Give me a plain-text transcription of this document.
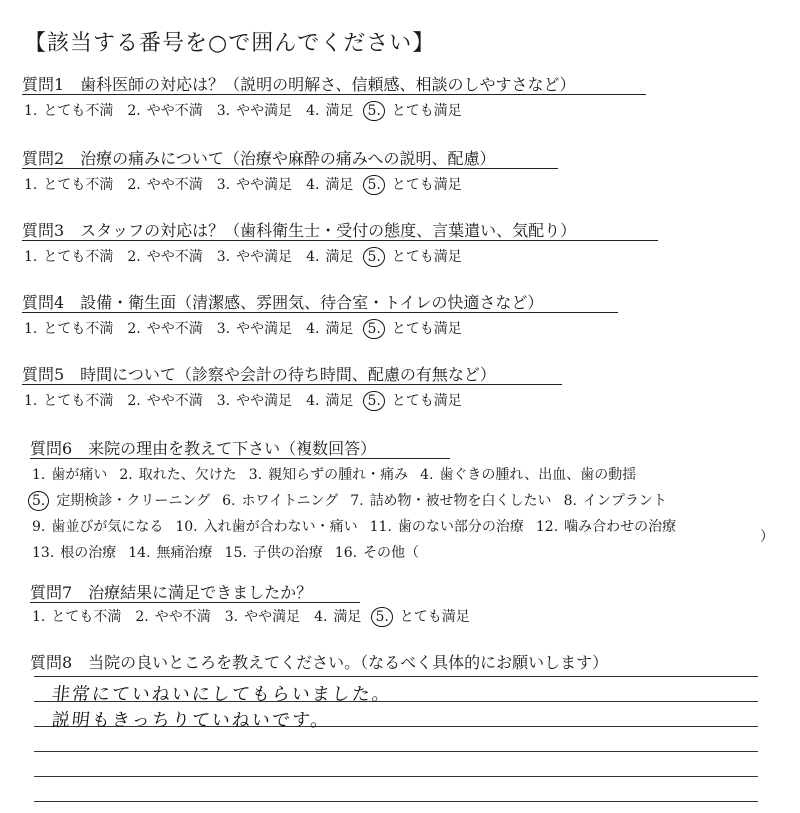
【該当する番号を○で囲んでください】
質問1　歯科医師の対応は？（説明の明解さ、信頼感、相談のしやすさなど）
1. とても不満 2. やや不満 3. やや満足 4. 満足 5. とても満足
質問2　治療の痛みについて（治療や麻酔の痛みへの説明、配慮）
1. とても不満 2. やや不満 3. やや満足 4. 満足 5. とても満足
質問3　スタッフの対応は？（歯科衛生士・受付の態度、言葉遣い、気配り）
1. とても不満 2. やや不満 3. やや満足 4. 満足 5. とても満足
質問4　設備・衛生面（清潔感、雰囲気、待合室・トイレの快適さなど）
1. とても不満 2. やや不満 3. やや満足 4. 満足 5. とても満足
質問5　時間について（診察や会計の待ち時間、配慮の有無など）
1. とても不満 2. やや不満 3. やや満足 4. 満足 5. とても満足
質問6　来院の理由を教えて下さい（複数回答）
1. 歯が痛い 2. 取れた、欠けた 3. 親知らずの腫れ・痛み 4. 歯ぐきの腫れ、出血、歯の動揺
5. 定期検診・クリーニング 6. ホワイトニング 7. 詰め物・被せ物を白くしたい 8. インプラント
9. 歯並びが気になる 10. 入れ歯が合わない・痛い 11. 歯のない部分の治療 12. 噛み合わせの治療
13. 根の治療 14. 無痛治療 15. 子供の治療 16. その他（
）
質問7　治療結果に満足できましたか？
1. とても不満 2. やや不満 3. やや満足 4. 満足 5. とても満足
質問8　当院の良いところを教えてください。（なるべく具体的にお願いします）
非常にていねいにしてもらいました。
説明もきっちりていねいです。
